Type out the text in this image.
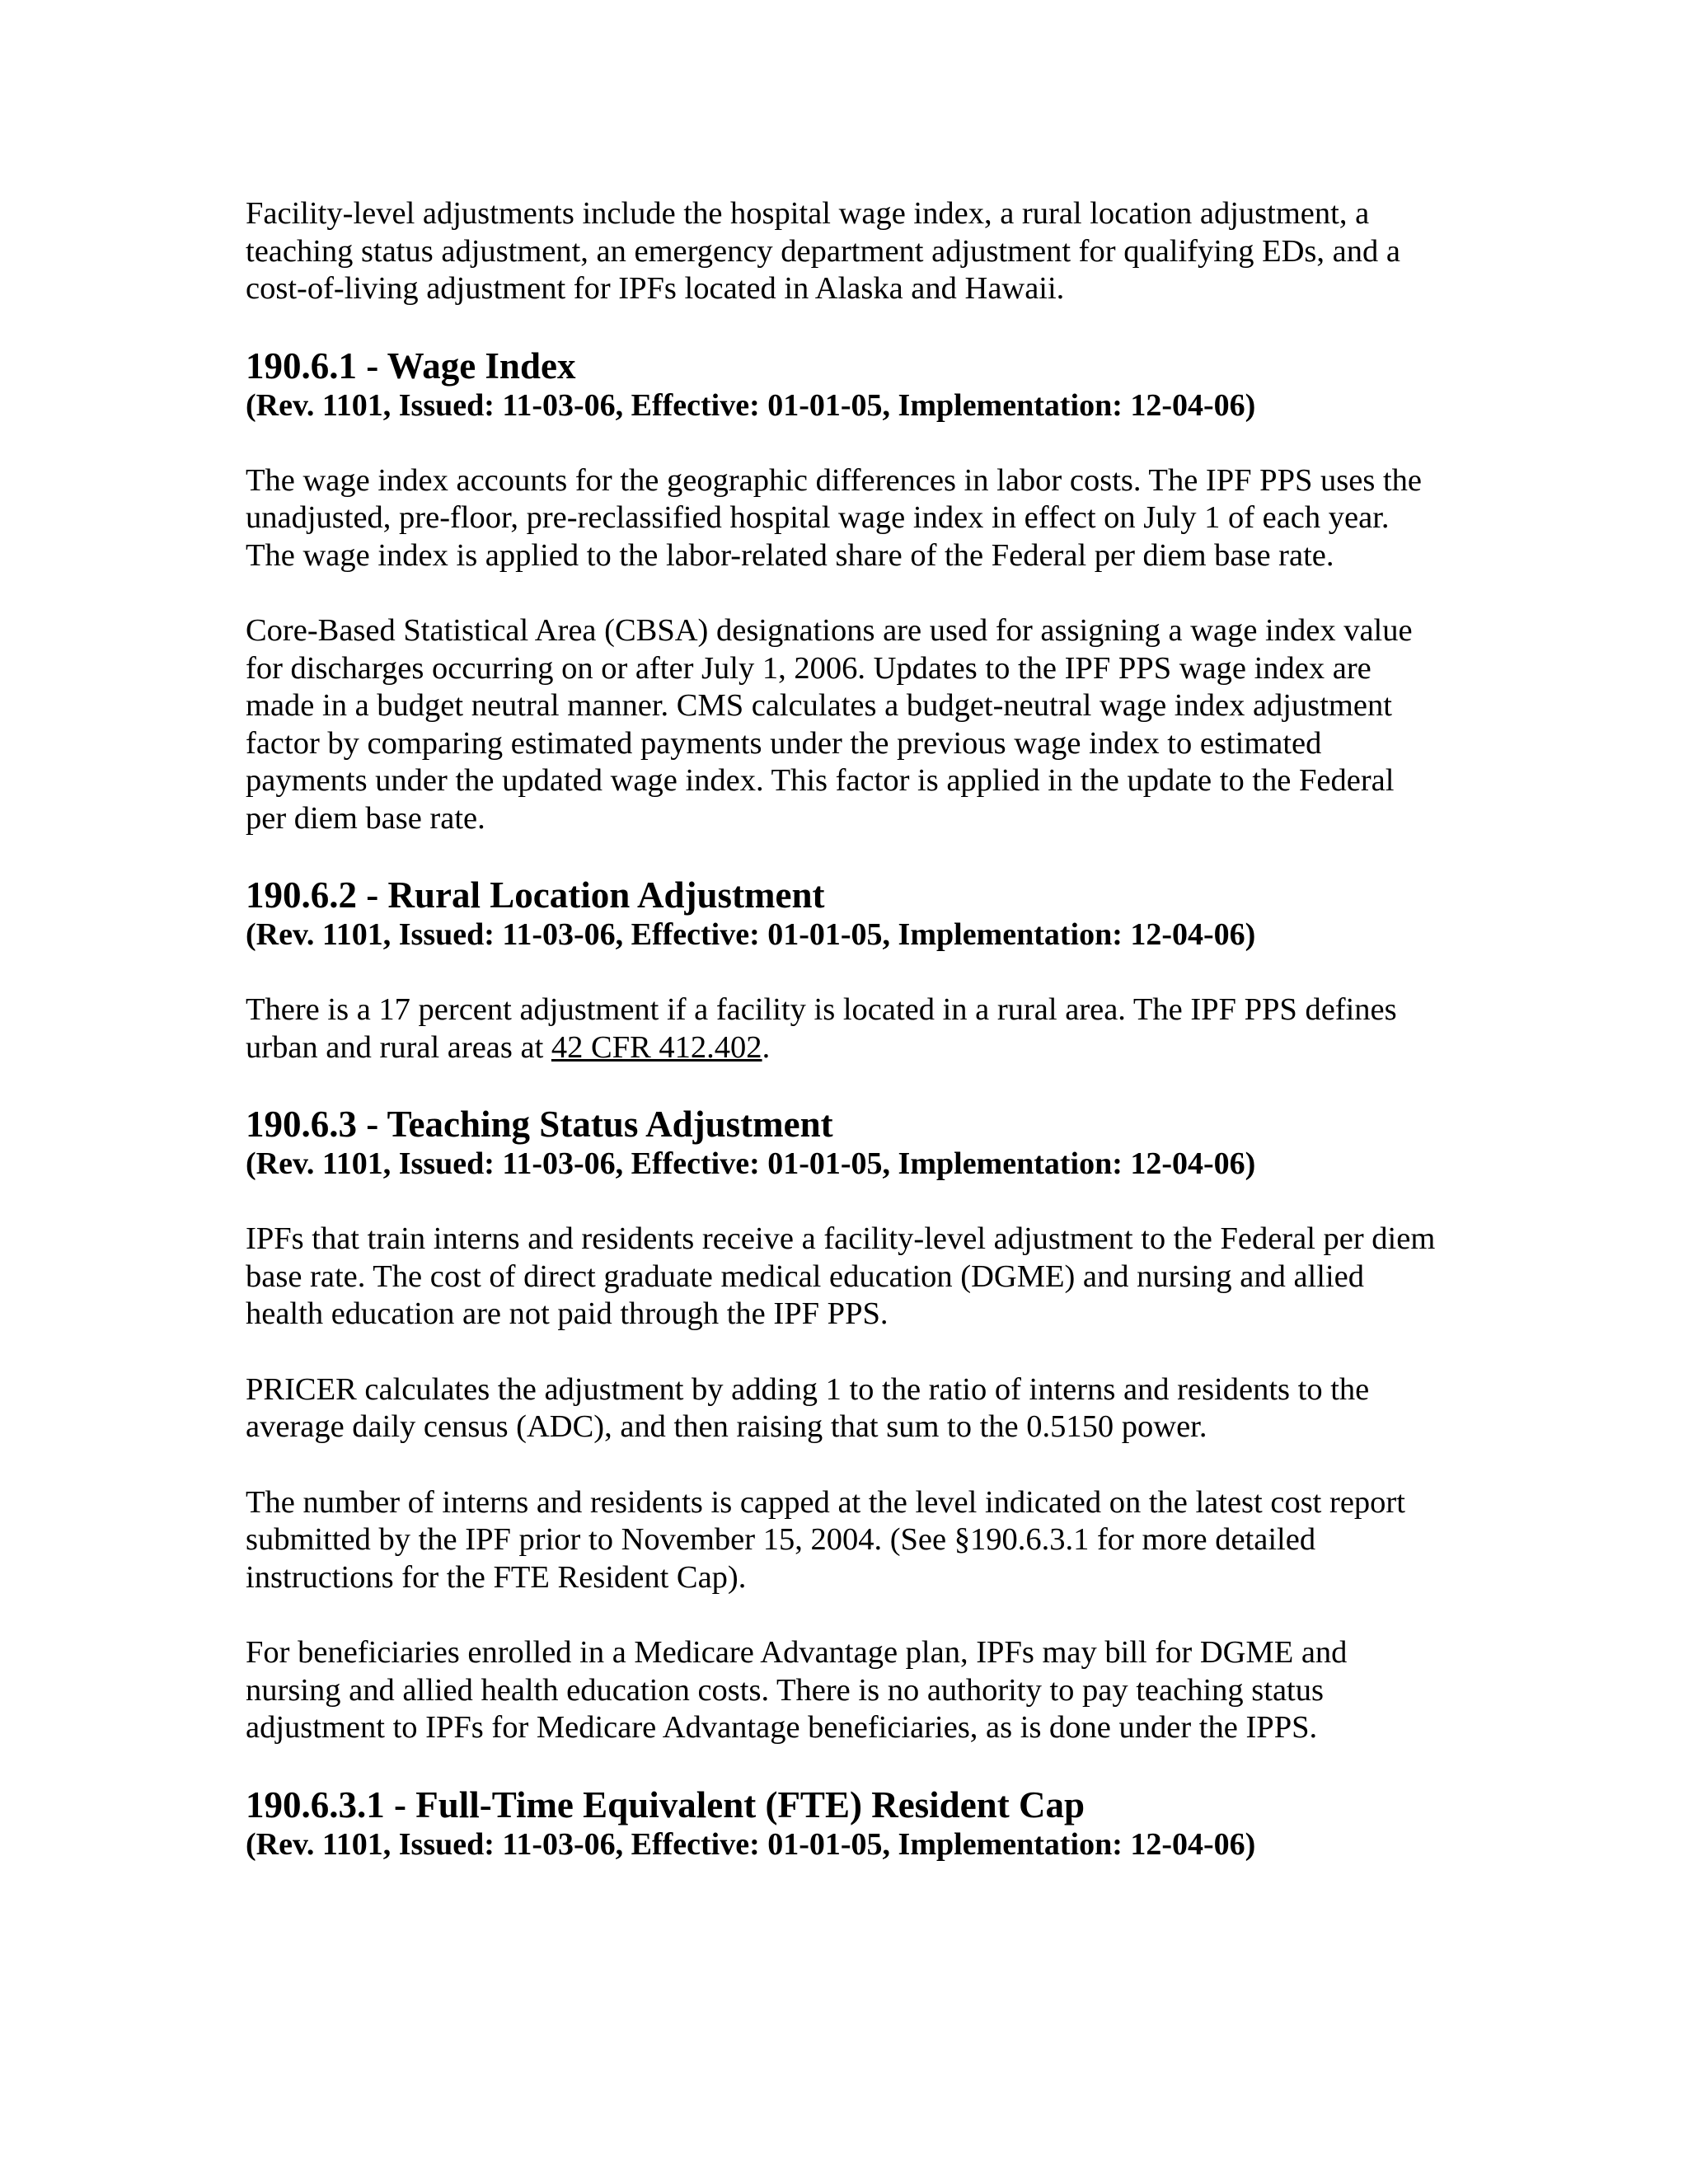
Facility-level adjustments include the hospital wage index, a rural location adjustment, a teaching status adjustment, an emergency department adjustment for qualifying EDs, and a cost-of-living adjustment for IPFs located in Alaska and Hawaii.

190.6.1 - Wage Index
(Rev. 1101, Issued: 11-03-06, Effective: 01-01-05, Implementation: 12-04-06)

The wage index accounts for the geographic differences in labor costs. The IPF PPS uses the unadjusted, pre-floor, pre-reclassified hospital wage index in effect on July 1 of each year. The wage index is applied to the labor-related share of the Federal per diem base rate.

Core-Based Statistical Area (CBSA) designations are used for assigning a wage index value for discharges occurring on or after July 1, 2006. Updates to the IPF PPS wage index are made in a budget neutral manner. CMS calculates a budget-neutral wage index adjustment factor by comparing estimated payments under the previous wage index to estimated payments under the updated wage index. This factor is applied in the update to the Federal per diem base rate.

190.6.2 - Rural Location Adjustment
(Rev. 1101, Issued: 11-03-06, Effective: 01-01-05, Implementation: 12-04-06)

There is a 17 percent adjustment if a facility is located in a rural area. The IPF PPS defines urban and rural areas at 42 CFR 412.402.

190.6.3 - Teaching Status Adjustment
(Rev. 1101, Issued: 11-03-06, Effective: 01-01-05, Implementation: 12-04-06)

IPFs that train interns and residents receive a facility-level adjustment to the Federal per diem base rate. The cost of direct graduate medical education (DGME) and nursing and allied health education are not paid through the IPF PPS.

PRICER calculates the adjustment by adding 1 to the ratio of interns and residents to the average daily census (ADC), and then raising that sum to the 0.5150 power.

The number of interns and residents is capped at the level indicated on the latest cost report submitted by the IPF prior to November 15, 2004. (See §190.6.3.1 for more detailed instructions for the FTE Resident Cap).

For beneficiaries enrolled in a Medicare Advantage plan, IPFs may bill for DGME and nursing and allied health education costs. There is no authority to pay teaching status adjustment to IPFs for Medicare Advantage beneficiaries, as is done under the IPPS.

190.6.3.1 - Full-Time Equivalent (FTE) Resident Cap
(Rev. 1101, Issued: 11-03-06, Effective: 01-01-05, Implementation: 12-04-06)
